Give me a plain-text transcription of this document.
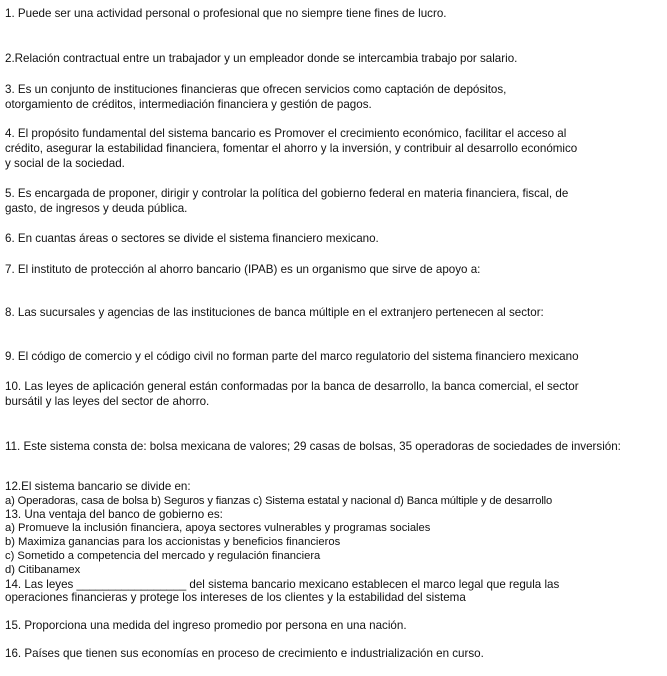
1. Puede ser una actividad personal o profesional que no siempre tiene fines de lucro.
2.Relación contractual entre un trabajador y un empleador donde se intercambia trabajo por salario.
3. Es un conjunto de instituciones financieras que ofrecen servicios como captación de depósitos,
otorgamiento de créditos, intermediación financiera y gestión de pagos.
4. El propósito fundamental del sistema bancario es Promover el crecimiento económico, facilitar el acceso al
crédito, asegurar la estabilidad financiera, fomentar el ahorro y la inversión, y contribuir al desarrollo económico
y social de la sociedad.
5. Es encargada de proponer, dirigir y controlar la política del gobierno federal en materia financiera, fiscal, de
gasto, de ingresos y deuda pública.
6. En cuantas áreas o sectores se divide el sistema financiero mexicano.
7. El instituto de protección al ahorro bancario (IPAB) es un organismo que sirve de apoyo a:
8. Las sucursales y agencias de las instituciones de banca múltiple en el extranjero pertenecen al sector:
9. El código de comercio y el código civil no forman parte del marco regulatorio del sistema financiero mexicano
10. Las leyes de aplicación general están conformadas por la banca de desarrollo, la banca comercial, el sector
bursátil y las leyes del sector de ahorro.
11. Este sistema consta de: bolsa mexicana de valores; 29 casas de bolsas, 35 operadoras de sociedades de inversión:
12.El sistema bancario se divide en:
a) Operadoras, casa de bolsa b) Seguros y fianzas c) Sistema estatal y nacional d) Banca múltiple y de desarrollo
13. Una ventaja del banco de gobierno es:
a) Promueve la inclusión financiera, apoya sectores vulnerables y programas sociales
b) Maximiza ganancias para los accionistas y beneficios financieros
c) Sometido a competencia del mercado y regulación financiera
d) Citibanamex
14. Las leyes _________________ del sistema bancario mexicano establecen el marco legal que regula las
operaciones financieras y protege los intereses de los clientes y la estabilidad del sistema
15. Proporciona una medida del ingreso promedio por persona en una nación.
16. Países que tienen sus economías en proceso de crecimiento e industrialización en curso.
